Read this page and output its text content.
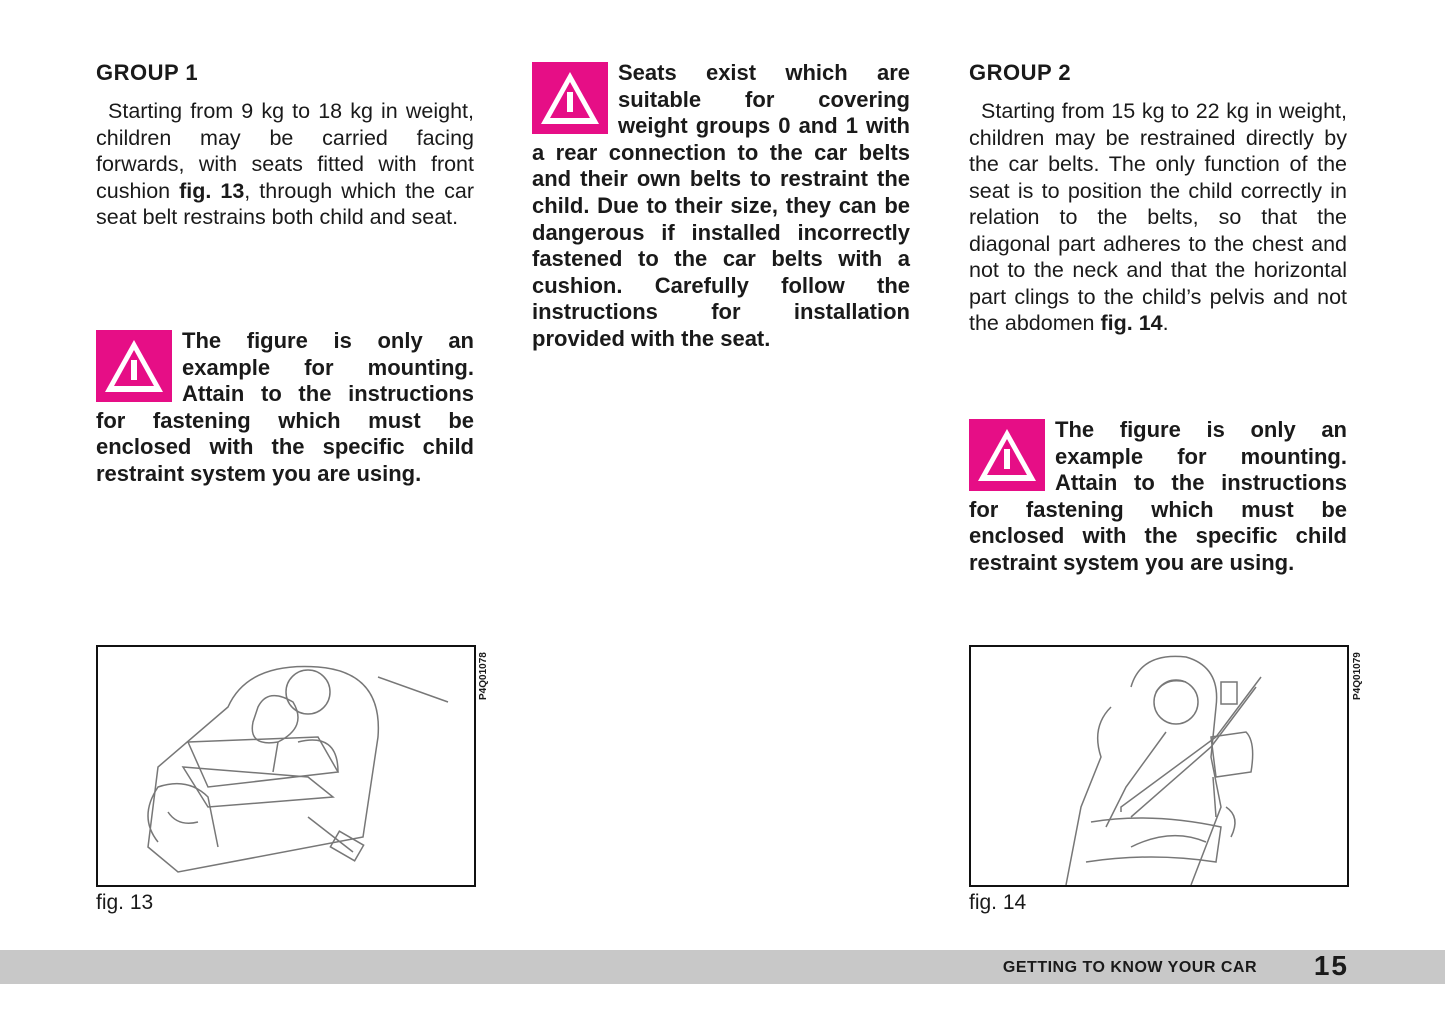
GROUP 1

Starting from 9 kg to 18 kg in weight, children may be carried facing forwards, with seats fitted with front cushion fig. 13, through which the car seat belt restrains both child and seat.

The figure is only an example for mounting. Attain to the instructions for fastening which must be enclosed with the specific child restraint system you are using.

P4Q01078
fig. 13

Seats exist which are suitable for covering weight groups 0 and 1 with a rear connection to the car belts and their own belts to restraint the child. Due to their size, they can be dangerous if installed incorrectly fastened to the car belts with a cushion. Carefully follow the instructions for installation provided with the seat.

GROUP 2

Starting from 15 kg to 22 kg in weight, children may be restrained directly by the car belts. The only function of the seat is to position the child correctly in relation to the belts, so that the diagonal part adheres to the chest and not to the neck and that the horizontal part clings to the child’s pelvis and not the abdomen fig. 14.

The figure is only an example for mounting. Attain to the instructions for fastening which must be enclosed with the specific child restraint system you are using.

P4Q01079
fig. 14
GETTING TO KNOW YOUR CAR 15
